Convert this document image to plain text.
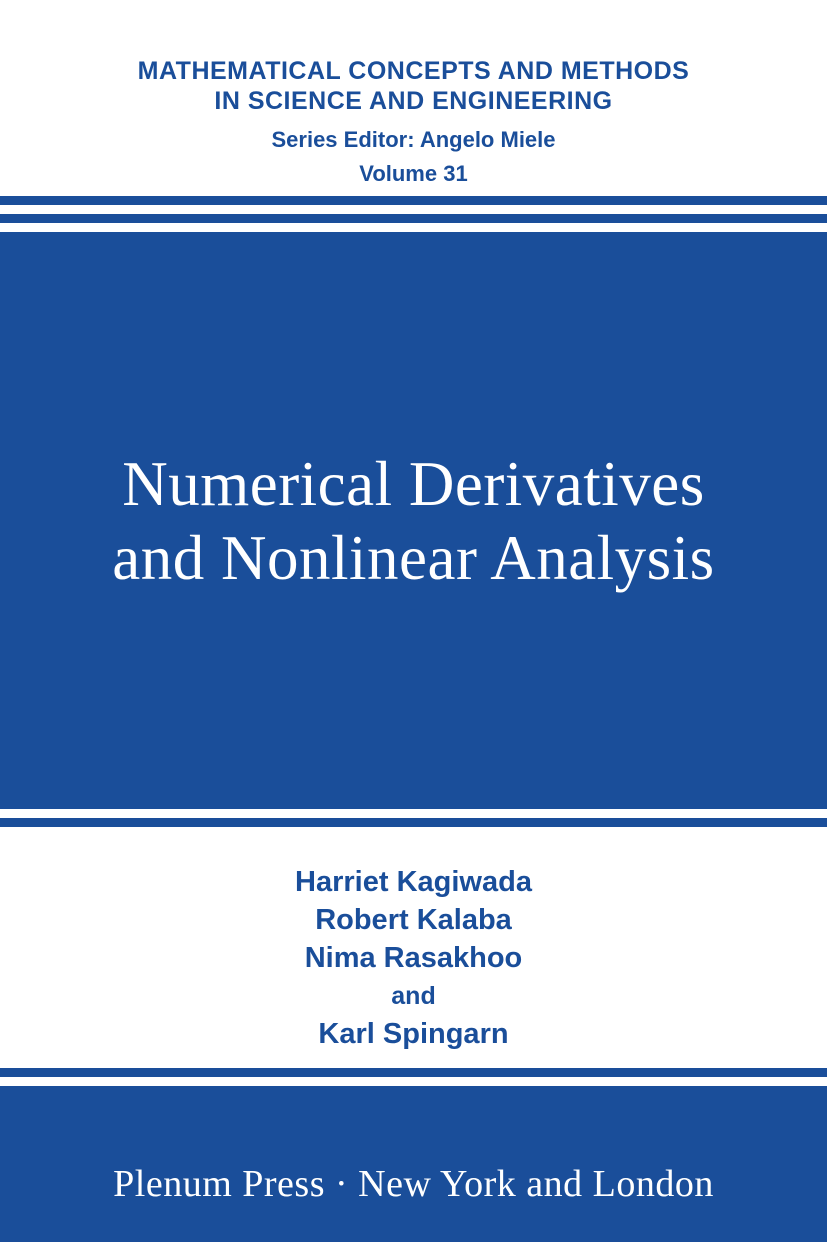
MATHEMATICAL CONCEPTS AND METHODS
IN SCIENCE AND ENGINEERING
Series Editor: Angelo Miele
Volume 31
Numerical Derivatives
and Nonlinear Analysis
Harriet Kagiwada
Robert Kalaba
Nima Rasakhoo
and
Karl Spingarn
Plenum Press · New York and London
